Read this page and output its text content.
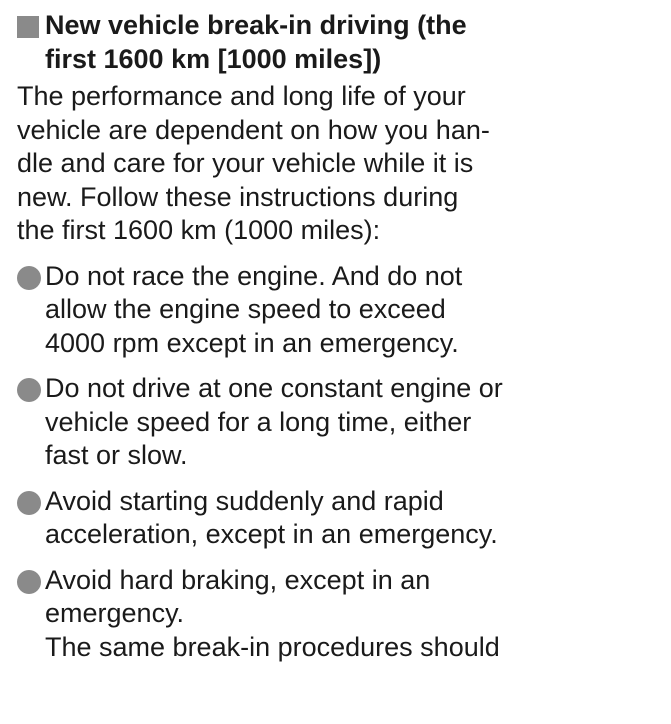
New vehicle break-in driving (the
first 1600 km [1000 miles])

The performance and long life of your
vehicle are dependent on how you han-
dle and care for your vehicle while it is
new. Follow these instructions during
the first 1600 km (1000 miles):

Do not race the engine. And do not
allow the engine speed to exceed
4000 rpm except in an emergency.
Do not drive at one constant engine or
vehicle speed for a long time, either
fast or slow.
Avoid starting suddenly and rapid
acceleration, except in an emergency.
Avoid hard braking, except in an
emergency.
The same break-in procedures should
